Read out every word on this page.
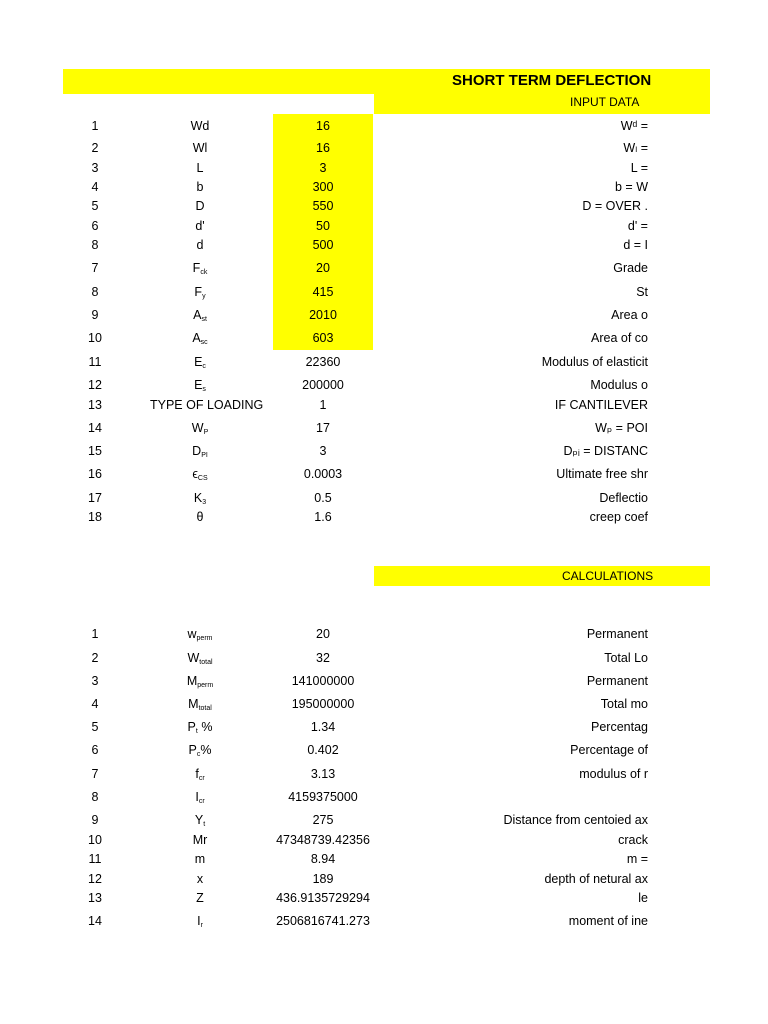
SHORT TERM DEFLECTION
INPUT DATA
CALCULATIONS
1	Wd	16	Wᵈ =
2	Wl	16	Wₗ =
3	L	3	L =
4	b	300	b = W
5	D	550	D = OVER .
6	d'	50	d' =
8	d	500	d = I
7	$F_{ck}$	20	Grade
8	$F_y$	415	St
9	$A_{st}$	2010	Area o
10	$A_{sc}$	603	Area of co
11	$E_c$	22360	Modulus of elasticit
12	$E_s$	200000	Modulus o
13	TYPE OF LOADING	1	IF CANTILEVER
14	$W_P$	17	Wₚ = POI
15	$D_{PI}$	3	Dₚᵢ = DISTANC
16	$\epsilon_{CS}$	0.0003	Ultimate free shr
17	$K_3$	0.5	Deflectio
18	θ	1.6	creep coef
1	$w_{perm}$	20	Permanent
2	$W_{total}$	32	Total Lo
3	$M_{perm}$	141000000	Permanent
4	$M_{total}$	195000000	Total mo
5	$P_t$ %	1.34	Percentag
6	$P_c\%$	0.402	Percentage of
7	$f_{cr}$	3.13	modulus of r
8	$I_{cr}$	4159375000
9	$Y_t$	275	Distance from centoied ax
10	Mr	47348739.42356	crack
11	m	8.94	m =
12	x	189	depth of netural ax
13	Z	436.9135729294	le
14	$I_r$	2506816741.273	moment of ine
